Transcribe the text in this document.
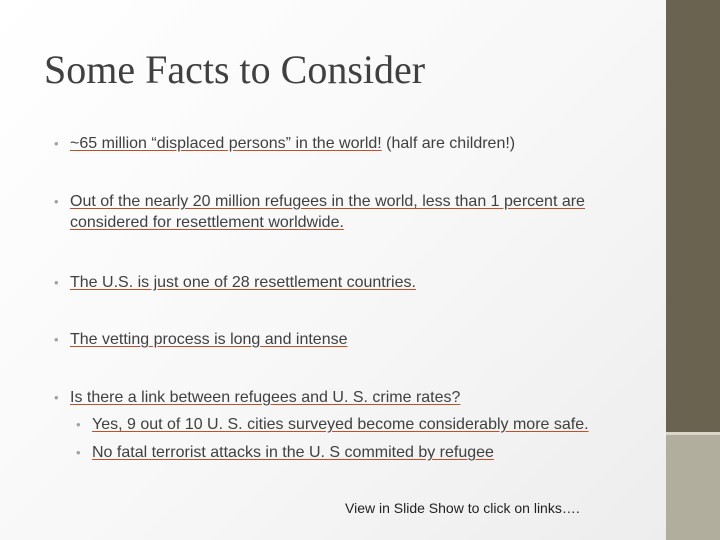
Some Facts to Consider
• ~65 million “displaced persons” in the world! (half are children!)
• Out of the nearly 20 million refugees in the world, less than 1 percent are considered for resettlement worldwide.
• The U.S. is just one of 28 resettlement countries.
• The vetting process is long and intense
• Is there a link between refugees and U. S. crime rates?
• Yes, 9 out of 10 U. S. cities surveyed become considerably more safe.
• No fatal terrorist attacks in the U. S commited by refugee
View in Slide Show to click on links….
